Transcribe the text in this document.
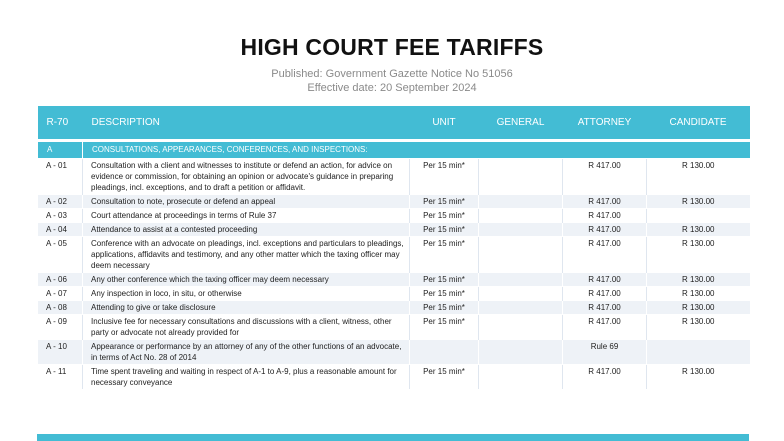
HIGH COURT FEE TARIFFS
Published: Government Gazette Notice No 51056
Effective date: 20 September 2024
R-70	DESCRIPTION	UNIT	GENERAL	ATTORNEY	CANDIDATE

A	CONSULTATIONS, APPEARANCES, CONFERENCES, AND INSPECTIONS:				
A - 01	Consultation with a client and witnesses to institute or defend an action, for advice on evidence or commission, for obtaining an opinion or advocate's guidance in preparing pleadings, incl. exceptions, and to draft a petition or affidavit.	Per 15 min*		R 417.00	R 130.00
A - 02	Consultation to note, prosecute or defend an appeal	Per 15 min*		R 417.00	R 130.00
A - 03	Court attendance at proceedings in terms of Rule 37	Per 15 min*		R 417.00	
A - 04	Attendance to assist at a contested proceeding	Per 15 min*		R 417.00	R 130.00
A - 05	Conference with an advocate on pleadings, incl. exceptions and particulars to pleadings, applications, affidavits and testimony, and any other matter which the taxing officer may deem necessary	Per 15 min*		R 417.00	R 130.00
A - 06	Any other conference which the taxing officer may deem necessary	Per 15 min*		R 417.00	R 130.00
A - 07	Any inspection in loco, in situ, or otherwise	Per 15 min*		R 417.00	R 130.00
A - 08	Attending to give or take disclosure	Per 15 min*		R 417.00	R 130.00
A - 09	Inclusive fee for necessary consultations and discussions with a client, witness, other party or advocate not already provided for	Per 15 min*		R 417.00	R 130.00
A - 10	Appearance or performance by an attorney of any of the other functions of an advocate, in terms of Act No. 28 of 2014			Rule 69	
A - 11	Time spent traveling and waiting in respect of A-1 to A-9, plus a reasonable amount for necessary conveyance	Per 15 min*		R 417.00	R 130.00
